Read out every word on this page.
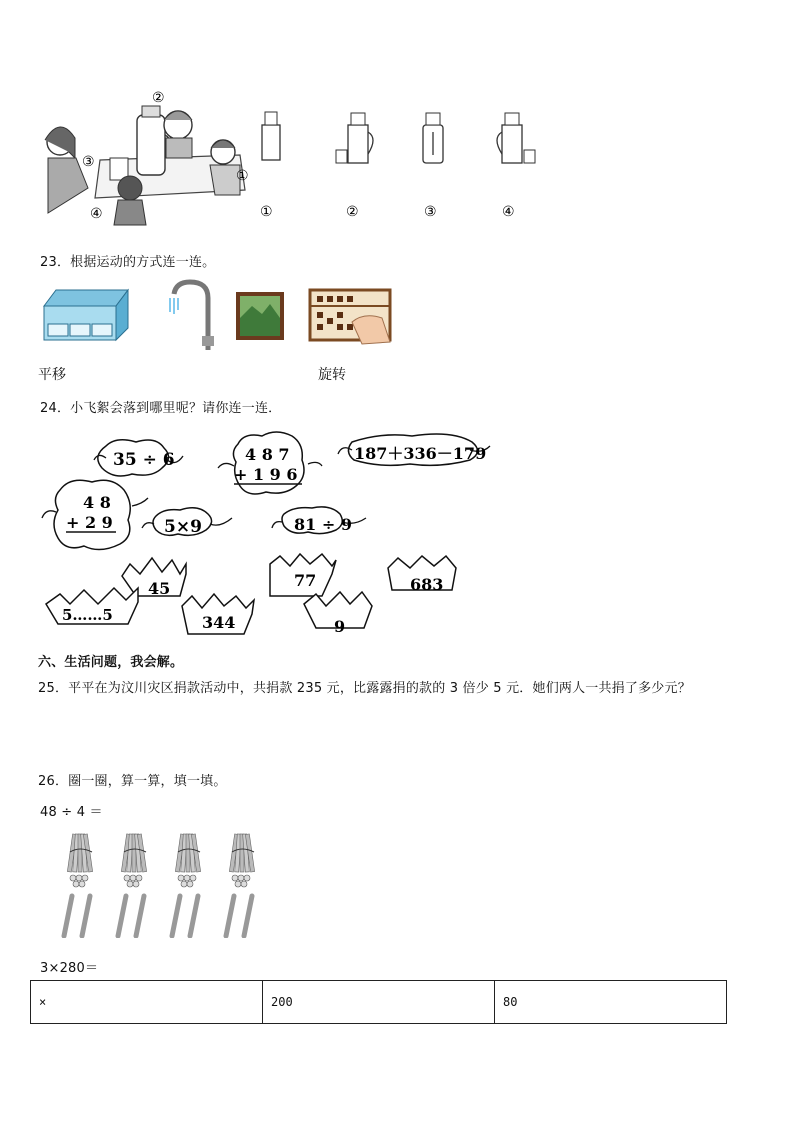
②
③
①
④	①	②	③	④
23．根据运动的方式连一连。
平移	旋转
24．小飞絮会落到哪里呢？请你连一连．
35 ÷ 6	4 8 7
+ 1 9 6
187＋336－179
4 8
+ 2 9	5×9	81 ÷ 9
45
5……5	344
77
9
683
六、生活问题，我会解。
25．平平在为汶川灾区捐款活动中，共捐款 235 元，比露露捐的款的 3 倍少 5 元．她们两人一共捐了多少元？
26．圈一圈，算一算，填一填。
48 ÷ 4 ＝
3×280＝
×	200	80
